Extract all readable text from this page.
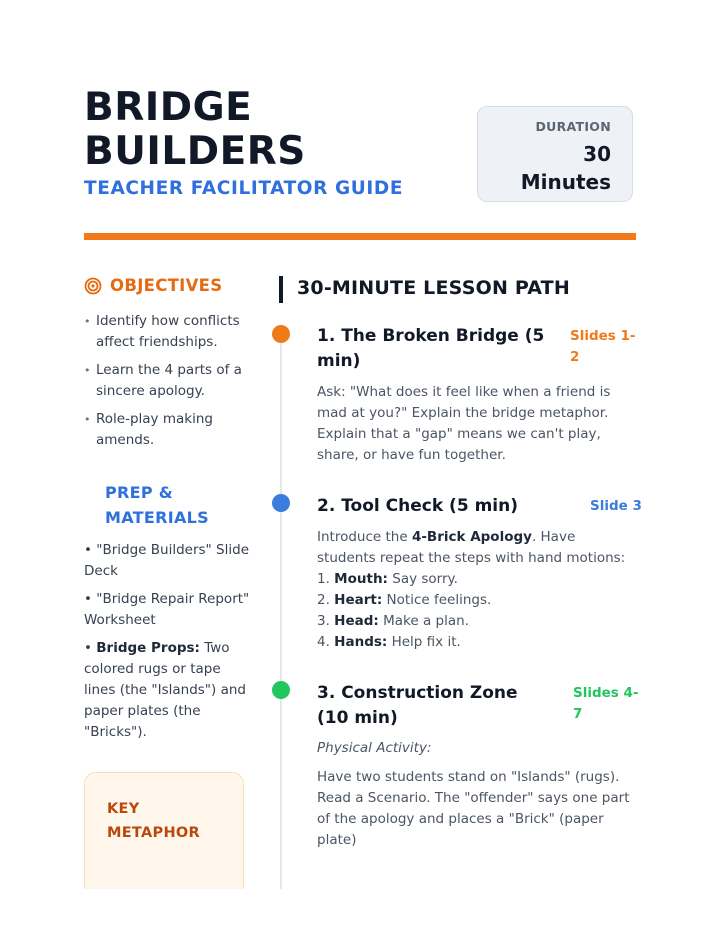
BRIDGE BUILDERS
TEACHER FACILITATOR GUIDE
DURATION
30 Minutes
OBJECTIVES
• Identify how conflicts affect friendships.
• Learn the 4 parts of a sincere apology.
• Role-play making amends.
PREP & MATERIALS
• "Bridge Builders" Slide Deck
• "Bridge Repair Report" Worksheet
• Bridge Props: Two colored rugs or tape lines (the "Islands") and paper plates (the "Bricks").
KEY METAPHOR
30-MINUTE LESSON PATH
1. The Broken Bridge (5 min)
Slides 1-2
Ask: "What does it feel like when a friend is mad at you?" Explain the bridge metaphor. Explain that a "gap" means we can't play, share, or have fun together.
2. Tool Check (5 min)	Slide 3
Introduce the 4-Brick Apology. Have students repeat the steps with hand motions:
1. Mouth: Say sorry.
2. Heart: Notice feelings.
3. Head: Make a plan.
4. Hands: Help fix it.
3. Construction Zone (10 min)
Slides 4-7
Physical Activity:
Have two students stand on "Islands" (rugs). Read a Scenario. The "offender" says one part of the apology and places a "Brick" (paper plate)
